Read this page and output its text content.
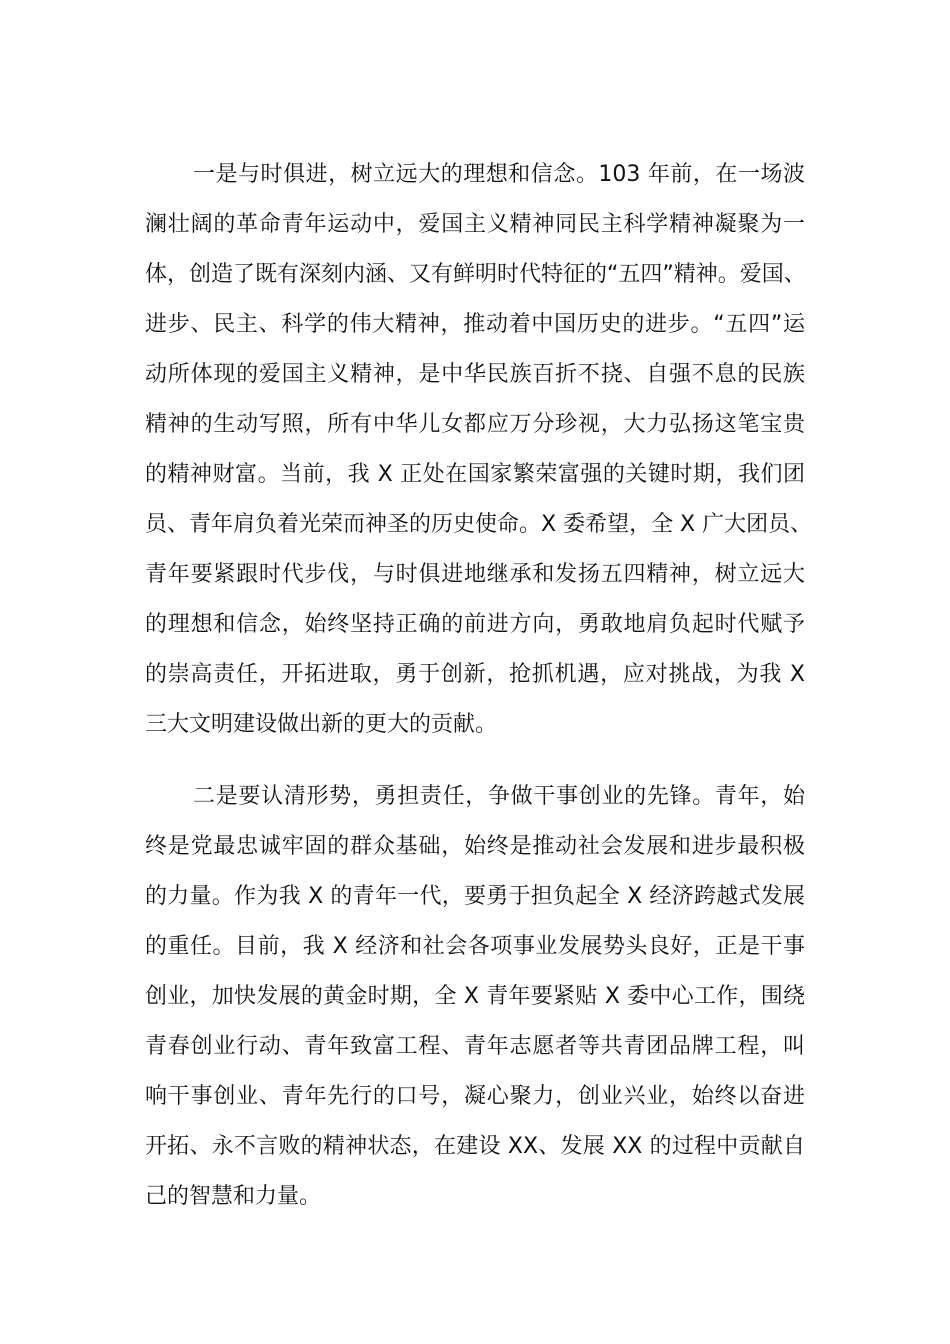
一是与时俱进，树立远大的理想和信念。103 年前，在一场波
澜壮阔的革命青年运动中，爱国主义精神同民主科学精神凝聚为一
体，创造了既有深刻内涵、又有鲜明时代特征的“五四”精神。爱国、
进步、民主、科学的伟大精神，推动着中国历史的进步。“五四”运
动所体现的爱国主义精神，是中华民族百折不挠、自强不息的民族
精神的生动写照，所有中华儿女都应万分珍视，大力弘扬这笔宝贵
的精神财富。当前，我 X 正处在国家繁荣富强的关键时期，我们团
员、青年肩负着光荣而神圣的历史使命。X 委希望，全 X 广大团员、
青年要紧跟时代步伐，与时俱进地继承和发扬五四精神，树立远大
的理想和信念，始终坚持正确的前进方向，勇敢地肩负起时代赋予
的崇高责任，开拓进取，勇于创新，抢抓机遇，应对挑战，为我 X
三大文明建设做出新的更大的贡献。
二是要认清形势，勇担责任，争做干事创业的先锋。青年，始
终是党最忠诚牢固的群众基础，始终是推动社会发展和进步最积极
的力量。作为我 X 的青年一代，要勇于担负起全 X 经济跨越式发展
的重任。目前，我 X 经济和社会各项事业发展势头良好，正是干事
创业，加快发展的黄金时期，全 X 青年要紧贴 X 委中心工作，围绕
青春创业行动、青年致富工程、青年志愿者等共青团品牌工程，叫
响干事创业、青年先行的口号，凝心聚力，创业兴业，始终以奋进
开拓、永不言败的精神状态，在建设 XX、发展 XX 的过程中贡献自
己的智慧和力量。
